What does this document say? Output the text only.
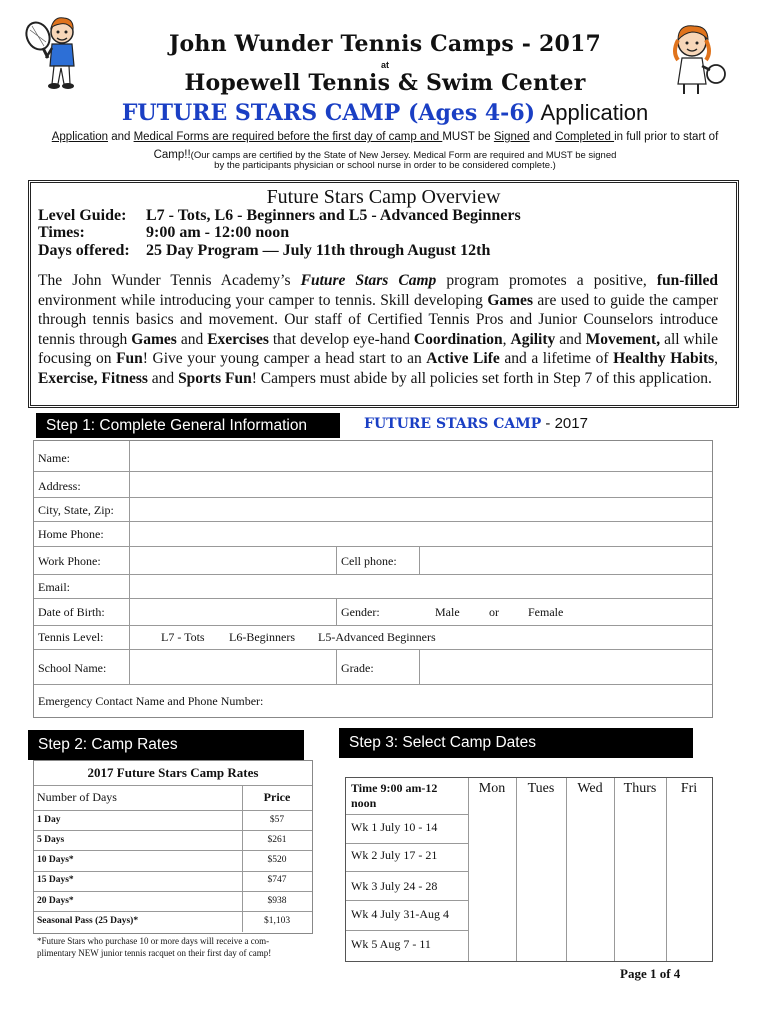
John Wunder Tennis Camps - 2017
at
Hopewell Tennis & Swim Center
FUTURE STARS CAMP (Ages 4-6) Application
Application and Medical Forms are required before the first day of camp and MUST be Signed and Completed in full prior to start of
Camp!!(Our camps are certified by the State of New Jersey. Medical Form are required and MUST be signed
by the participants physician or school nurse in order to be considered complete.)
Future Stars Camp Overview
Level Guide: L7 - Tots, L6 - Beginners and L5 - Advanced Beginners
Times:	9:00 am - 12:00 noon
Days offered: 25 Day Program — July 11th through August 12th
The John Wunder Tennis Academy’s Future Stars Camp program promotes a positive, fun-filled environment while introducing your camper to tennis. Skill developing Games are used to guide the camper through tennis basics and movement. Our staff of Certified Tennis Pros and Junior Counselors introduce tennis through Games and Exercises that develop eye-hand Coordination, Agility and Movement, all while focusing on Fun! Give your young camper a head start to an Active Life and a lifetime of Healthy Habits, Exercise, Fitness and Sports Fun! Campers must abide by all policies set forth in Step 7 of this application.
Step 1: Complete General Information	FUTURE STARS CAMP - 2017
Name:
Address:
City, State, Zip:
Home Phone:
Work Phone:	Cell phone:
Email:
Date of Birth:	Gender:	Male or Female
Tennis Level:	L7 - Tots L6-Beginners L5-Advanced Beginners
School Name:	Grade:
Emergency Contact Name and Phone Number:
Step 2: Camp Rates
2017 Future Stars Camp Rates
Number of Days	Price
1 Day	$57
5 Days	$261
10 Days*	$520
15 Days*	$747
20 Days*	$938
Seasonal Pass (25 Days)*	$1,103
*Future Stars who purchase 10 or more days will receive a com-
plimentary NEW junior tennis racquet on their first day of camp!
Step 3: Select Camp Dates
Time 9:00 am-12
noon
Mon	Tues	Wed	Thurs	Fri
Wk 1 July 10 - 14
Wk 2 July 17 - 21
Wk 3 July 24 - 28
Wk 4 July 31-Aug 4
Wk 5 Aug 7 - 11
Page 1 of 4
